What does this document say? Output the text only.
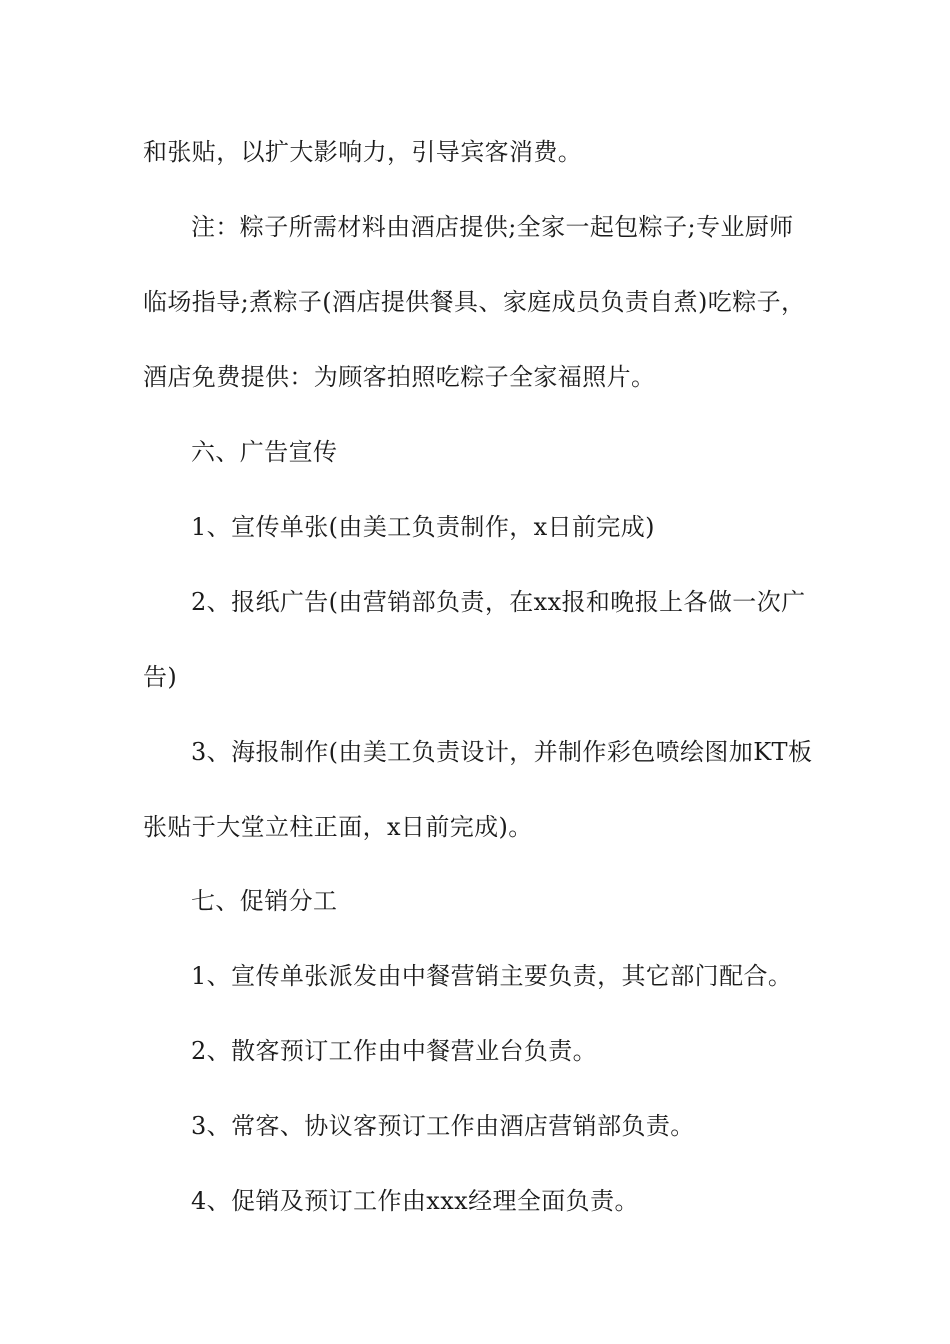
和张贴，以扩大影响力，引导宾客消费。
注：粽子所需材料由酒店提供;全家一起包粽子;专业厨师
临场指导;煮粽子(酒店提供餐具、家庭成员负责自煮)吃粽子，
酒店免费提供：为顾客拍照吃粽子全家福照片。
六、广告宣传
1、宣传单张(由美工负责制作，x日前完成)
2、报纸广告(由营销部负责，在xx报和晚报上各做一次广
告)
3、海报制作(由美工负责设计，并制作彩色喷绘图加KT板
张贴于大堂立柱正面，x日前完成)。
七、促销分工
1、宣传单张派发由中餐营销主要负责，其它部门配合。
2、散客预订工作由中餐营业台负责。
3、常客、协议客预订工作由酒店营销部负责。
4、促销及预订工作由xxx经理全面负责。
